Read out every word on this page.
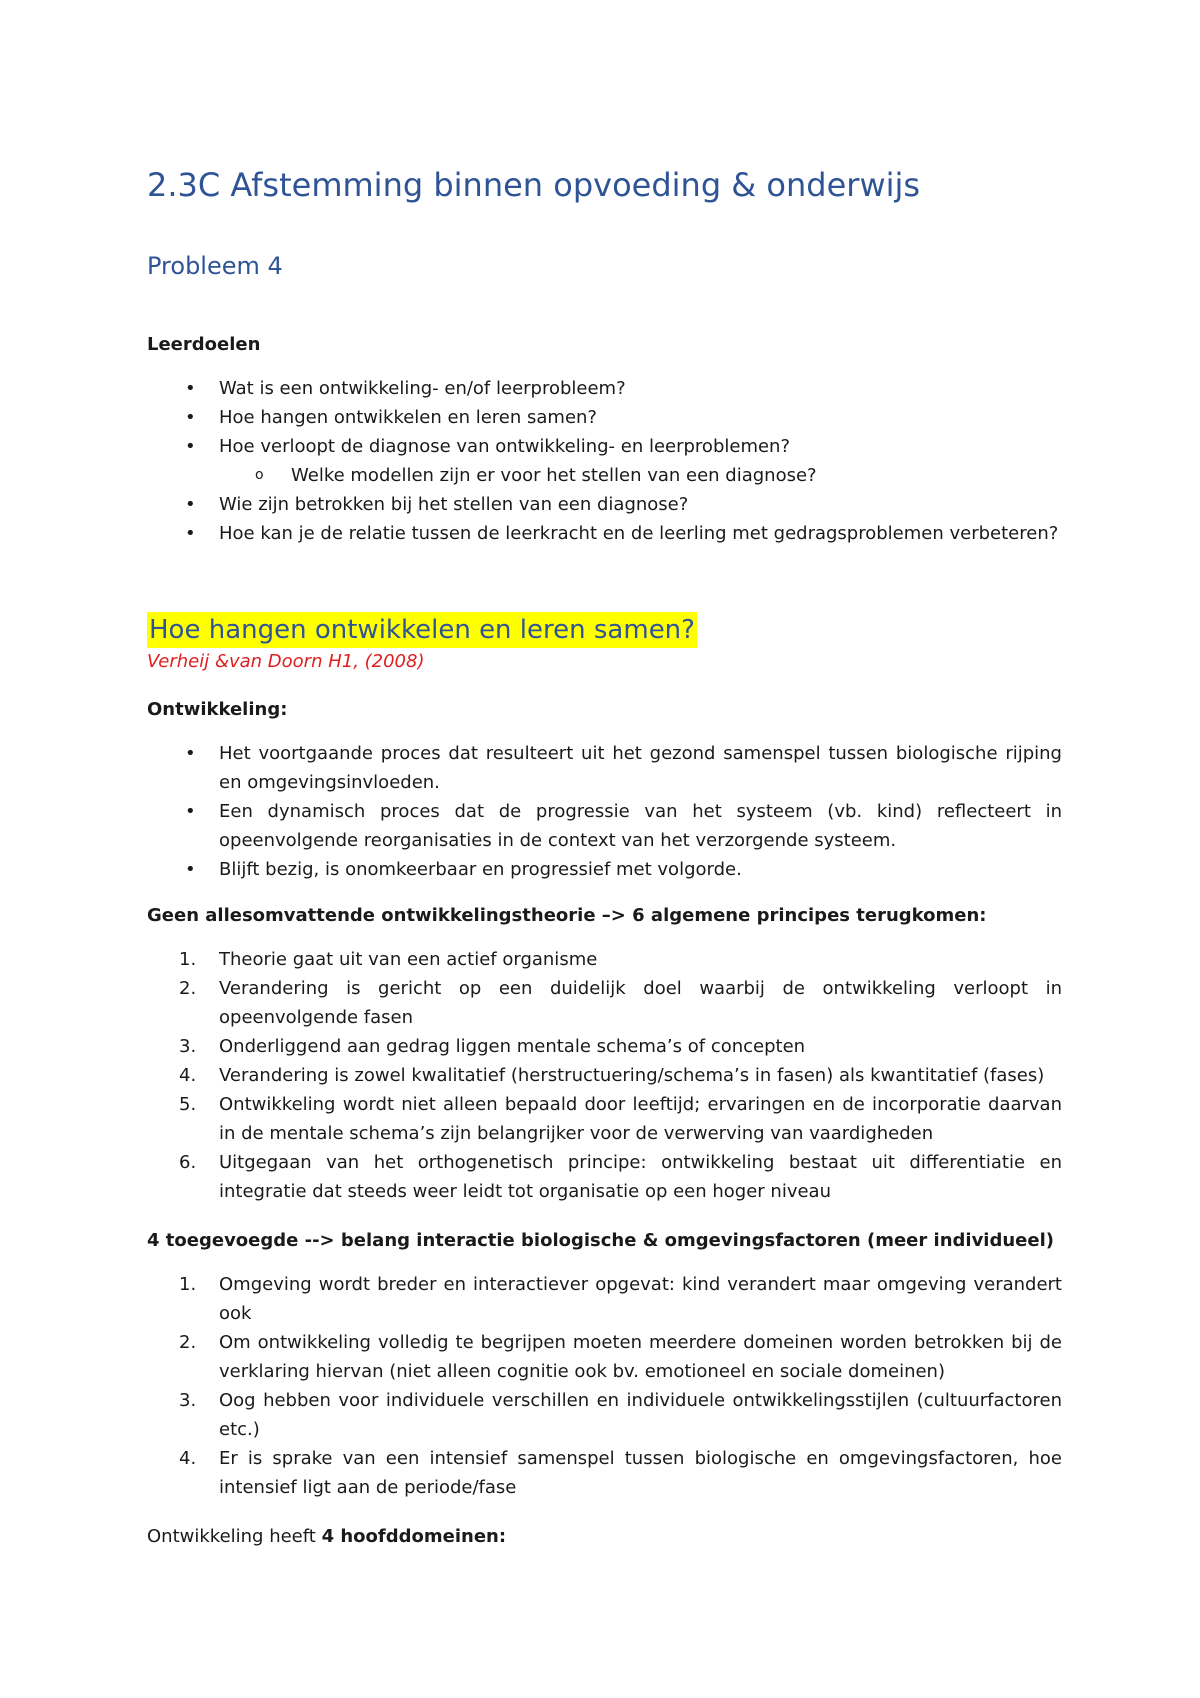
2.3C Afstemming binnen opvoeding & onderwijs
Probleem 4

Leerdoelen

• Wat is een ontwikkeling- en/of leerprobleem?
• Hoe hangen ontwikkelen en leren samen?
• Hoe verloopt de diagnose van ontwikkeling- en leerproblemen?
o Welke modellen zijn er voor het stellen van een diagnose?
• Wie zijn betrokken bij het stellen van een diagnose?
• Hoe kan je de relatie tussen de leerkracht en de leerling met gedragsproblemen verbeteren?
Hoe hangen ontwikkelen en leren samen?
Verheij &van Doorn H1, (2008)

Ontwikkeling:

• Het voortgaande proces dat resulteert uit het gezond samenspel tussen biologische rijping en omgevingsinvloeden.
• Een dynamisch proces dat de progressie van het systeem (vb. kind) reflecteert in opeenvolgende reorganisaties in de context van het verzorgende systeem.
• Blijft bezig, is onomkeerbaar en progressief met volgorde.

Geen allesomvattende ontwikkelingstheorie –> 6 algemene principes terugkomen:

1. Theorie gaat uit van een actief organisme
2. Verandering is gericht op een duidelijk doel waarbij de ontwikkeling verloopt in opeenvolgende fasen
3. Onderliggend aan gedrag liggen mentale schema’s of concepten
4. Verandering is zowel kwalitatief (herstructuering/schema’s in fasen) als kwantitatief (fases)
5. Ontwikkeling wordt niet alleen bepaald door leeftijd; ervaringen en de incorporatie daarvan in de mentale schema’s zijn belangrijker voor de verwerving van vaardigheden
6. Uitgegaan van het orthogenetisch principe: ontwikkeling bestaat uit differentiatie en integratie dat steeds weer leidt tot organisatie op een hoger niveau

4 toegevoegde --> belang interactie biologische & omgevingsfactoren (meer individueel)

1. Omgeving wordt breder en interactiever opgevat: kind verandert maar omgeving verandert ook
2. Om ontwikkeling volledig te begrijpen moeten meerdere domeinen worden betrokken bij de verklaring hiervan (niet alleen cognitie ook bv. emotioneel en sociale domeinen)
3. Oog hebben voor individuele verschillen en individuele ontwikkelingsstijlen (cultuurfactoren etc.)
4. Er is sprake van een intensief samenspel tussen biologische en omgevingsfactoren, hoe intensief ligt aan de periode/fase

Ontwikkeling heeft 4 hoofddomeinen:
